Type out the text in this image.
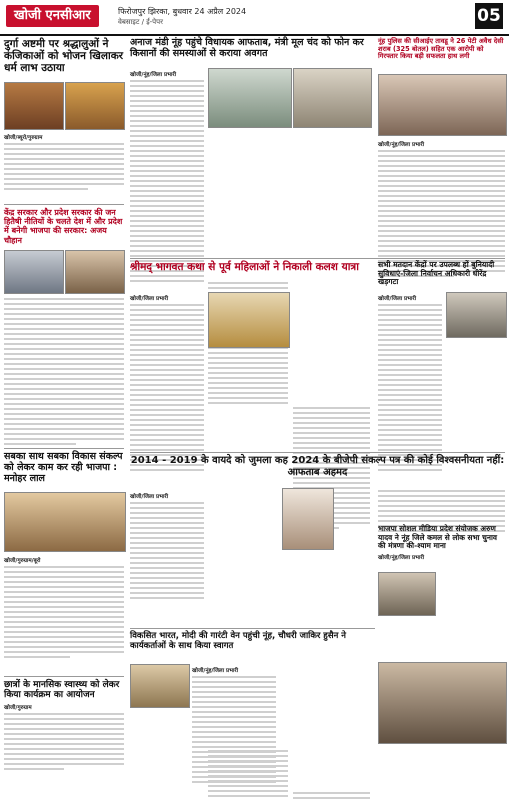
खोजी एनसीआर	फिरोजपुर झिरका, बुधवार 24 अप्रैल 2024
वेबसाइट / ई-पेपर	05
दुर्गा अष्टमी पर श्रद्धालुओं ने कंजिकाओं को भोजन खिलाकर धर्म लाभ उठाया
खोजी/ब्यूरो/गुरुग्राम
केंद्र सरकार और प्रदेश सरकार की जन हितैषी नीतियों के चलते देश में और प्रदेश में बनेगी भाजपा की सरकार: अजय चौहान
सबका साथ सबका विकास संकल्प को लेकर काम कर रही भाजपा : मनोहर लाल
खोजी/गुरुग्राम/बूरो
छात्रों के मानसिक स्वास्थ्य को लेकर किया कार्यक्रम का आयोजन
खोजी/गुरुग्राम
अनाज मंडी नूंह पहुंचे विधायक आफताब, मंत्री मूल चंद को फोन कर किसानों की समस्याओं से कराया अवगत
खोजी/नूंह/जिला प्रभारी
नूंह पुलिस की सीआईए तावडू ने 26 पेटी अवैध देसी शराब (325 बोतल) सहित एक आरोपी को गिरफ्तार किया बड़ी सफलता हाथ लगी
खोजी/नूंह/जिला प्रभारी
श्रीमद् भागवत कथा से पूर्व महिलाओं ने निकाली कलश यात्रा
खोजी/जिला प्रभारी
सभी मतदान केंद्रों पर उपलब्ध हों बुनियादी सुविधाएं-जिला निर्वाचन अधिकारी धीरेंद्र खड़गटा
खोजी/जिला प्रभारी
2014 - 2019 के वायदे को जुमला कह 2024 के बीजेपी संकल्प पत्र की कोई विश्वसनीयता नहीं: आफताब अहमद
खोजी/जिला प्रभारी
भाजपा सोशल मीडिया प्रदेश संयोजक अरुण यादव ने नूंह जिले कमल से लोक सभा चुनाव की मंत्रणा की-श्याम माना
खोजी/नूंह/जिला प्रभारी
विकसित भारत, मोदी की गारंटी वेन पहुंची नूंह, चौधरी जाकिर हुसैन ने कार्यकर्ताओं के साथ किया स्वागत
खोजी/नूंह/जिला प्रभारी
